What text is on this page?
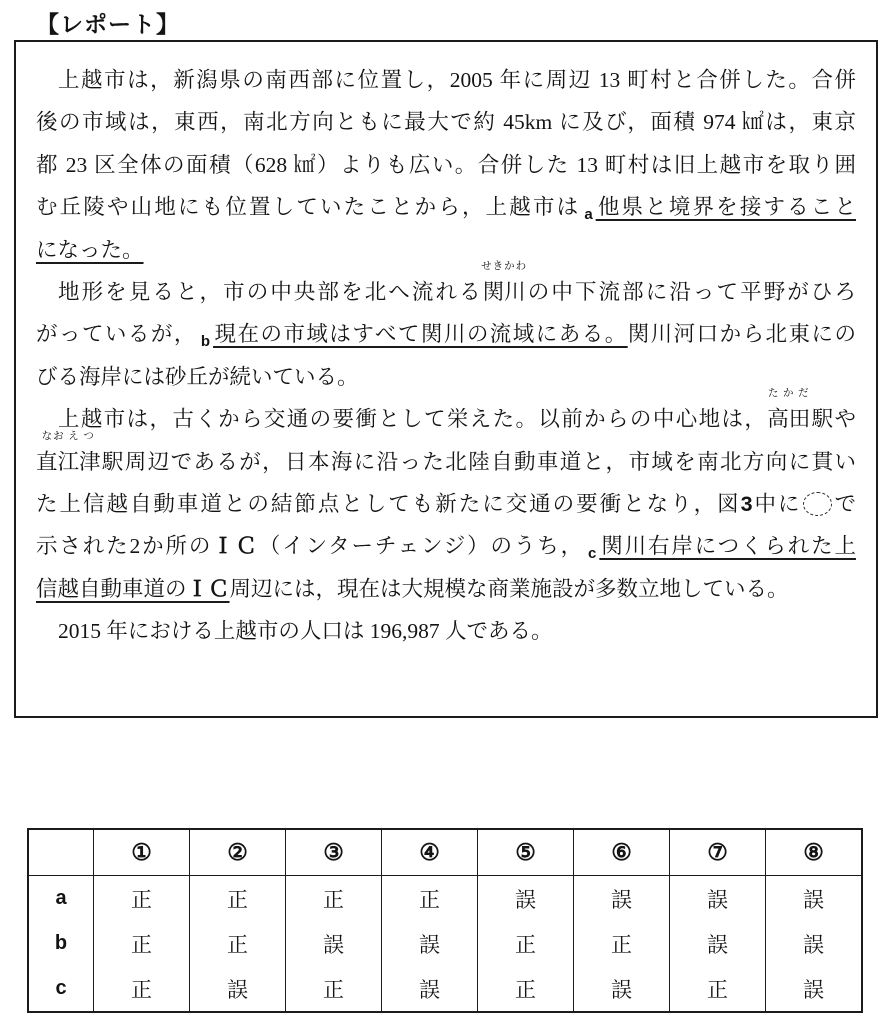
【レポート】
上越市は，新潟県の南西部に位置し，2005 年に周辺 13 町村と合併した。合併
後の市域は，東西，南北方向ともに最大で約 45km に及び，面積 974 ㎢は，東京
都 23 区全体の面積（628 ㎢）よりも広い。合併した 13 町村は旧上越市を取り囲
む丘陵や山地にも位置していたことから，上越市は $_a$ 他県と境界を接すること
になった。
地形を見ると，市の中央部を北へ流れる
せきかわ
関川の中下流部に沿って平野がひろ
がっているが， $_b$ 現在の市域はすべて関川の流域にある。関川河口から北東にの
びる海岸には砂丘が続いている。
上越市は，古くから交通の要衝として栄えた。以前からの中心地は，
た か だ
高田駅や
なお え つ
直江津駅周辺であるが，日本海に沿った北陸自動車道と，市域を南北方向に貫い
た上信越自動車道との結節点としても新たに交通の要衝となり，図3中に で
示された2か所のＩＣ（インターチェンジ）のうち， $_c$ 関川右岸につくられた上
信越自動車道のＩＣ周辺には，現在は大規模な商業施設が多数立地している。
2015 年における上越市の人口は 196,987 人である。
	①	②	③	④	⑤	⑥	⑦	⑧
a	正	正	正	正	誤	誤	誤	誤
b	正	正	誤	誤	正	正	誤	誤
c	正	誤	正	誤	正	誤	正	誤
